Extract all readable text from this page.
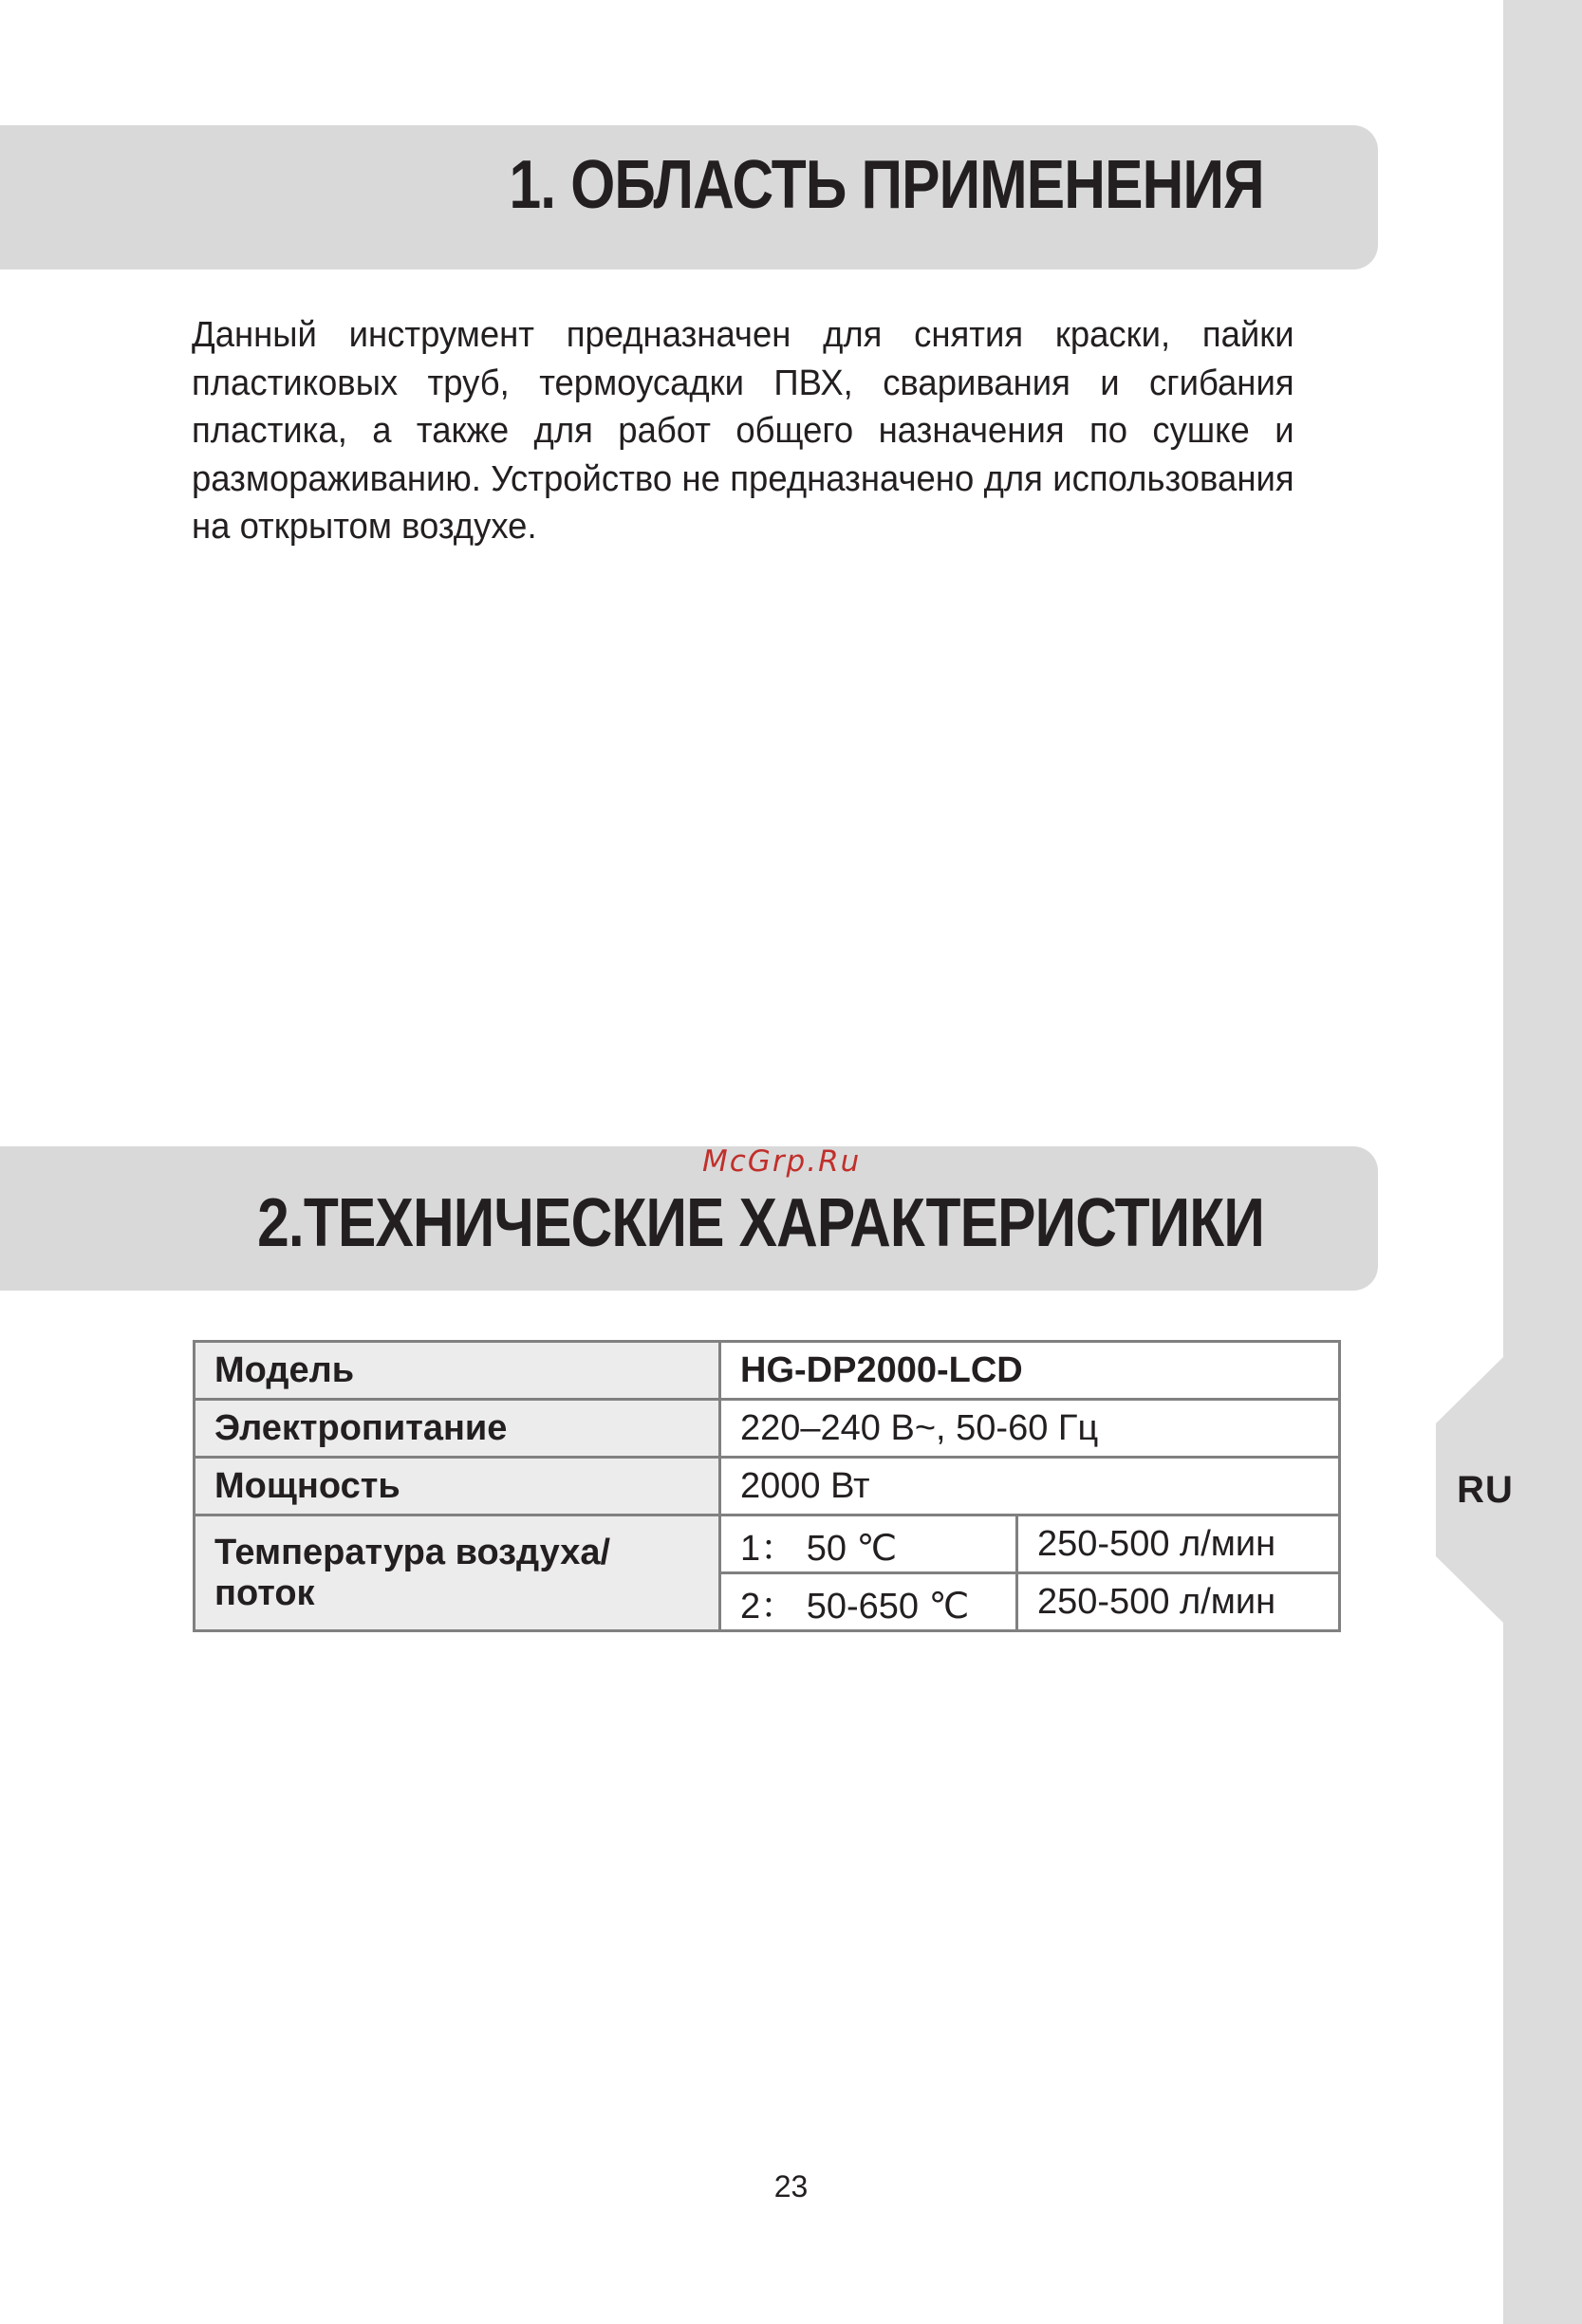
RU
1. ОБЛАСТЬ ПРИМЕНЕНИЯ

Данный инструмент предназначен для снятия краски, пайки пластиковых труб, термоусадки ПВХ, сваривания и сгибания пластика, а также для работ общего назначения по сушке и размораживанию. Устройство не предназначено для использования на открытом воздухе.

2.ТЕХНИЧЕСКИЕ ХАРАКТЕРИСТИКИ
McGrp.Ru
Модель	HG-DP2000-LCD	
Электропитание	220–240 В~, 50-60 Гц	
Мощность	2000 Вт	
Температура воздуха/поток	1： 50 ℃	250-500 л/мин
	2： 50-650 ℃	250-500 л/мин
23
